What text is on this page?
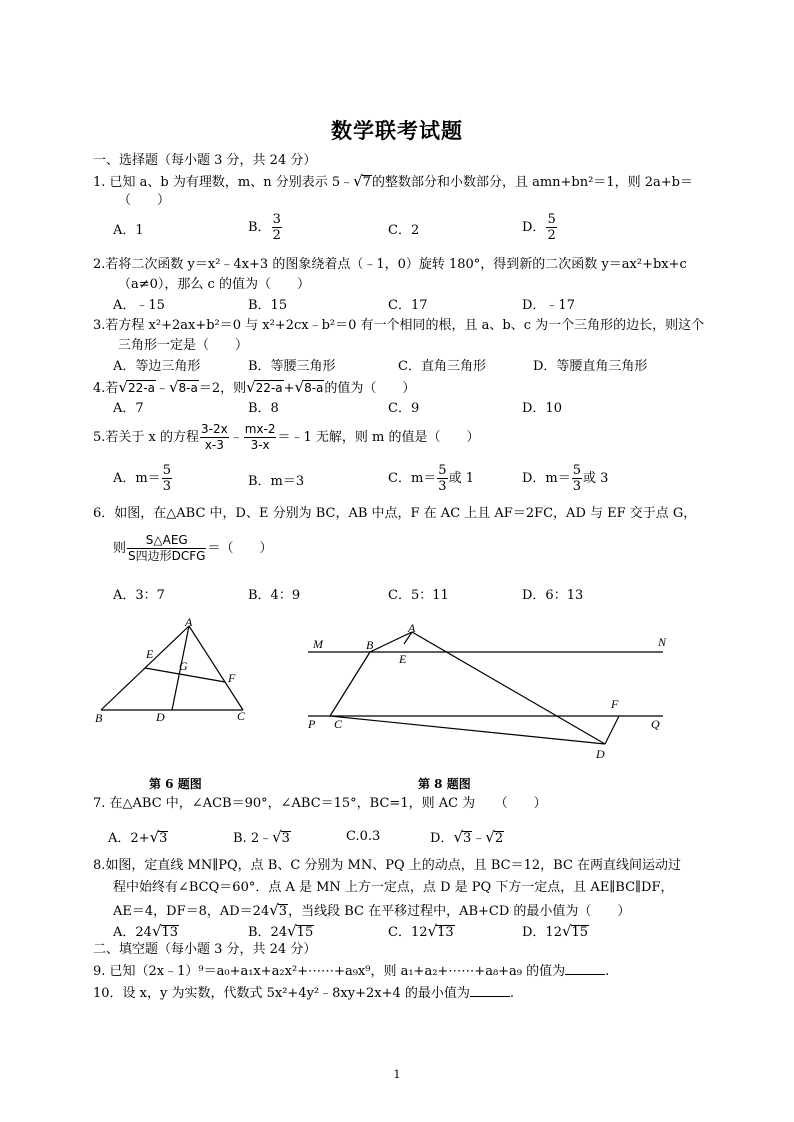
数学联考试题
一、选择题（每小题 3 分，共 24 分）
1. 已知 a、b 为有理数，m、n 分别表示 5﹣√7的整数部分和小数部分，且 amn+bn²＝1，则 2a+b＝
（　　）
A．1	B． $\frac{3}{2}$	C．2	D． $\frac{5}{2}$
2.若将二次函数 y＝x²﹣4x+3 的图象绕着点（﹣1，0）旋转 180°，得到新的二次函数 y＝ax²+bx+c
（a≠0），那么 c 的值为（　　）
A．﹣15	B．15	C．17	D．﹣17
3.若方程 x²+2ax+b²＝0 与 x²+2cx﹣b²＝0 有一个相同的根，且 a、b、c 为一个三角形的边长，则这个
三角形一定是（　　）
A．等边三角形	B．等腰三角形	C．直角三角形	D．等腰直角三角形
4.若√22-a﹣√8-a＝2，则√22-a+√8-a的值为（　　）
A．7	B．8	C．9	D．10
5.若关于 x 的方程 $\frac{3-2x}{x-3}$ ﹣ $\frac{mx-2}{3-x}$ ＝﹣1 无解，则 m 的值是（　　）
A．$m= \frac{5}{3}$	B．m＝3	C．$m= \frac{5}{3}$ 或 1	D．$m= \frac{5}{3}$ 或 3
6．如图，在△ABC 中，D、E 分别为 BC，AB 中点，F 在 AC 上且 AF＝2FC，AD 与 EF 交于点 G，
则 $\frac{\text{S△AEG}}{\text{S四边形DCFG}}$ ＝（　　）
A．3：7	B．4：9	C．5：11	D．6：13
A
B	C
D
E
F
G
M	N
P	Q
A
B
C
D
E
F
第 6 题图	第 8 题图
7. 在△ABC 中，∠ACB＝90°，∠ABC＝15°，BC=1，则 AC 为　　（　　）
A．2+√3	B. 2﹣√3	C.0.3	D．√3﹣√2
8.如图，定直线 MN∥PQ，点 B、C 分别为 MN、PQ 上的动点，且 BC＝12，BC 在两直线间运动过
程中始终有∠BCQ＝60°．点 A 是 MN 上方一定点，点 D 是 PQ 下方一定点，且 AE∥BC∥DF，
AE＝4，DF＝8，AD＝24√3，当线段 BC 在平移过程中，AB+CD 的最小值为（　　）
A．24√13	B．24√15	C．12√13	D．12√15
二、填空题（每小题 3 分，共 24 分）
9. 已知（2x﹣1）⁹＝a₀+a₁x+a₂x²+⋯⋯+a₉x⁹，则 a₁+a₂+⋯⋯+a₈+a₉ 的值为	.
10．设 x，y 为实数，代数式 5x²+4y²﹣8xy+2x+4 的最小值为	.
1
